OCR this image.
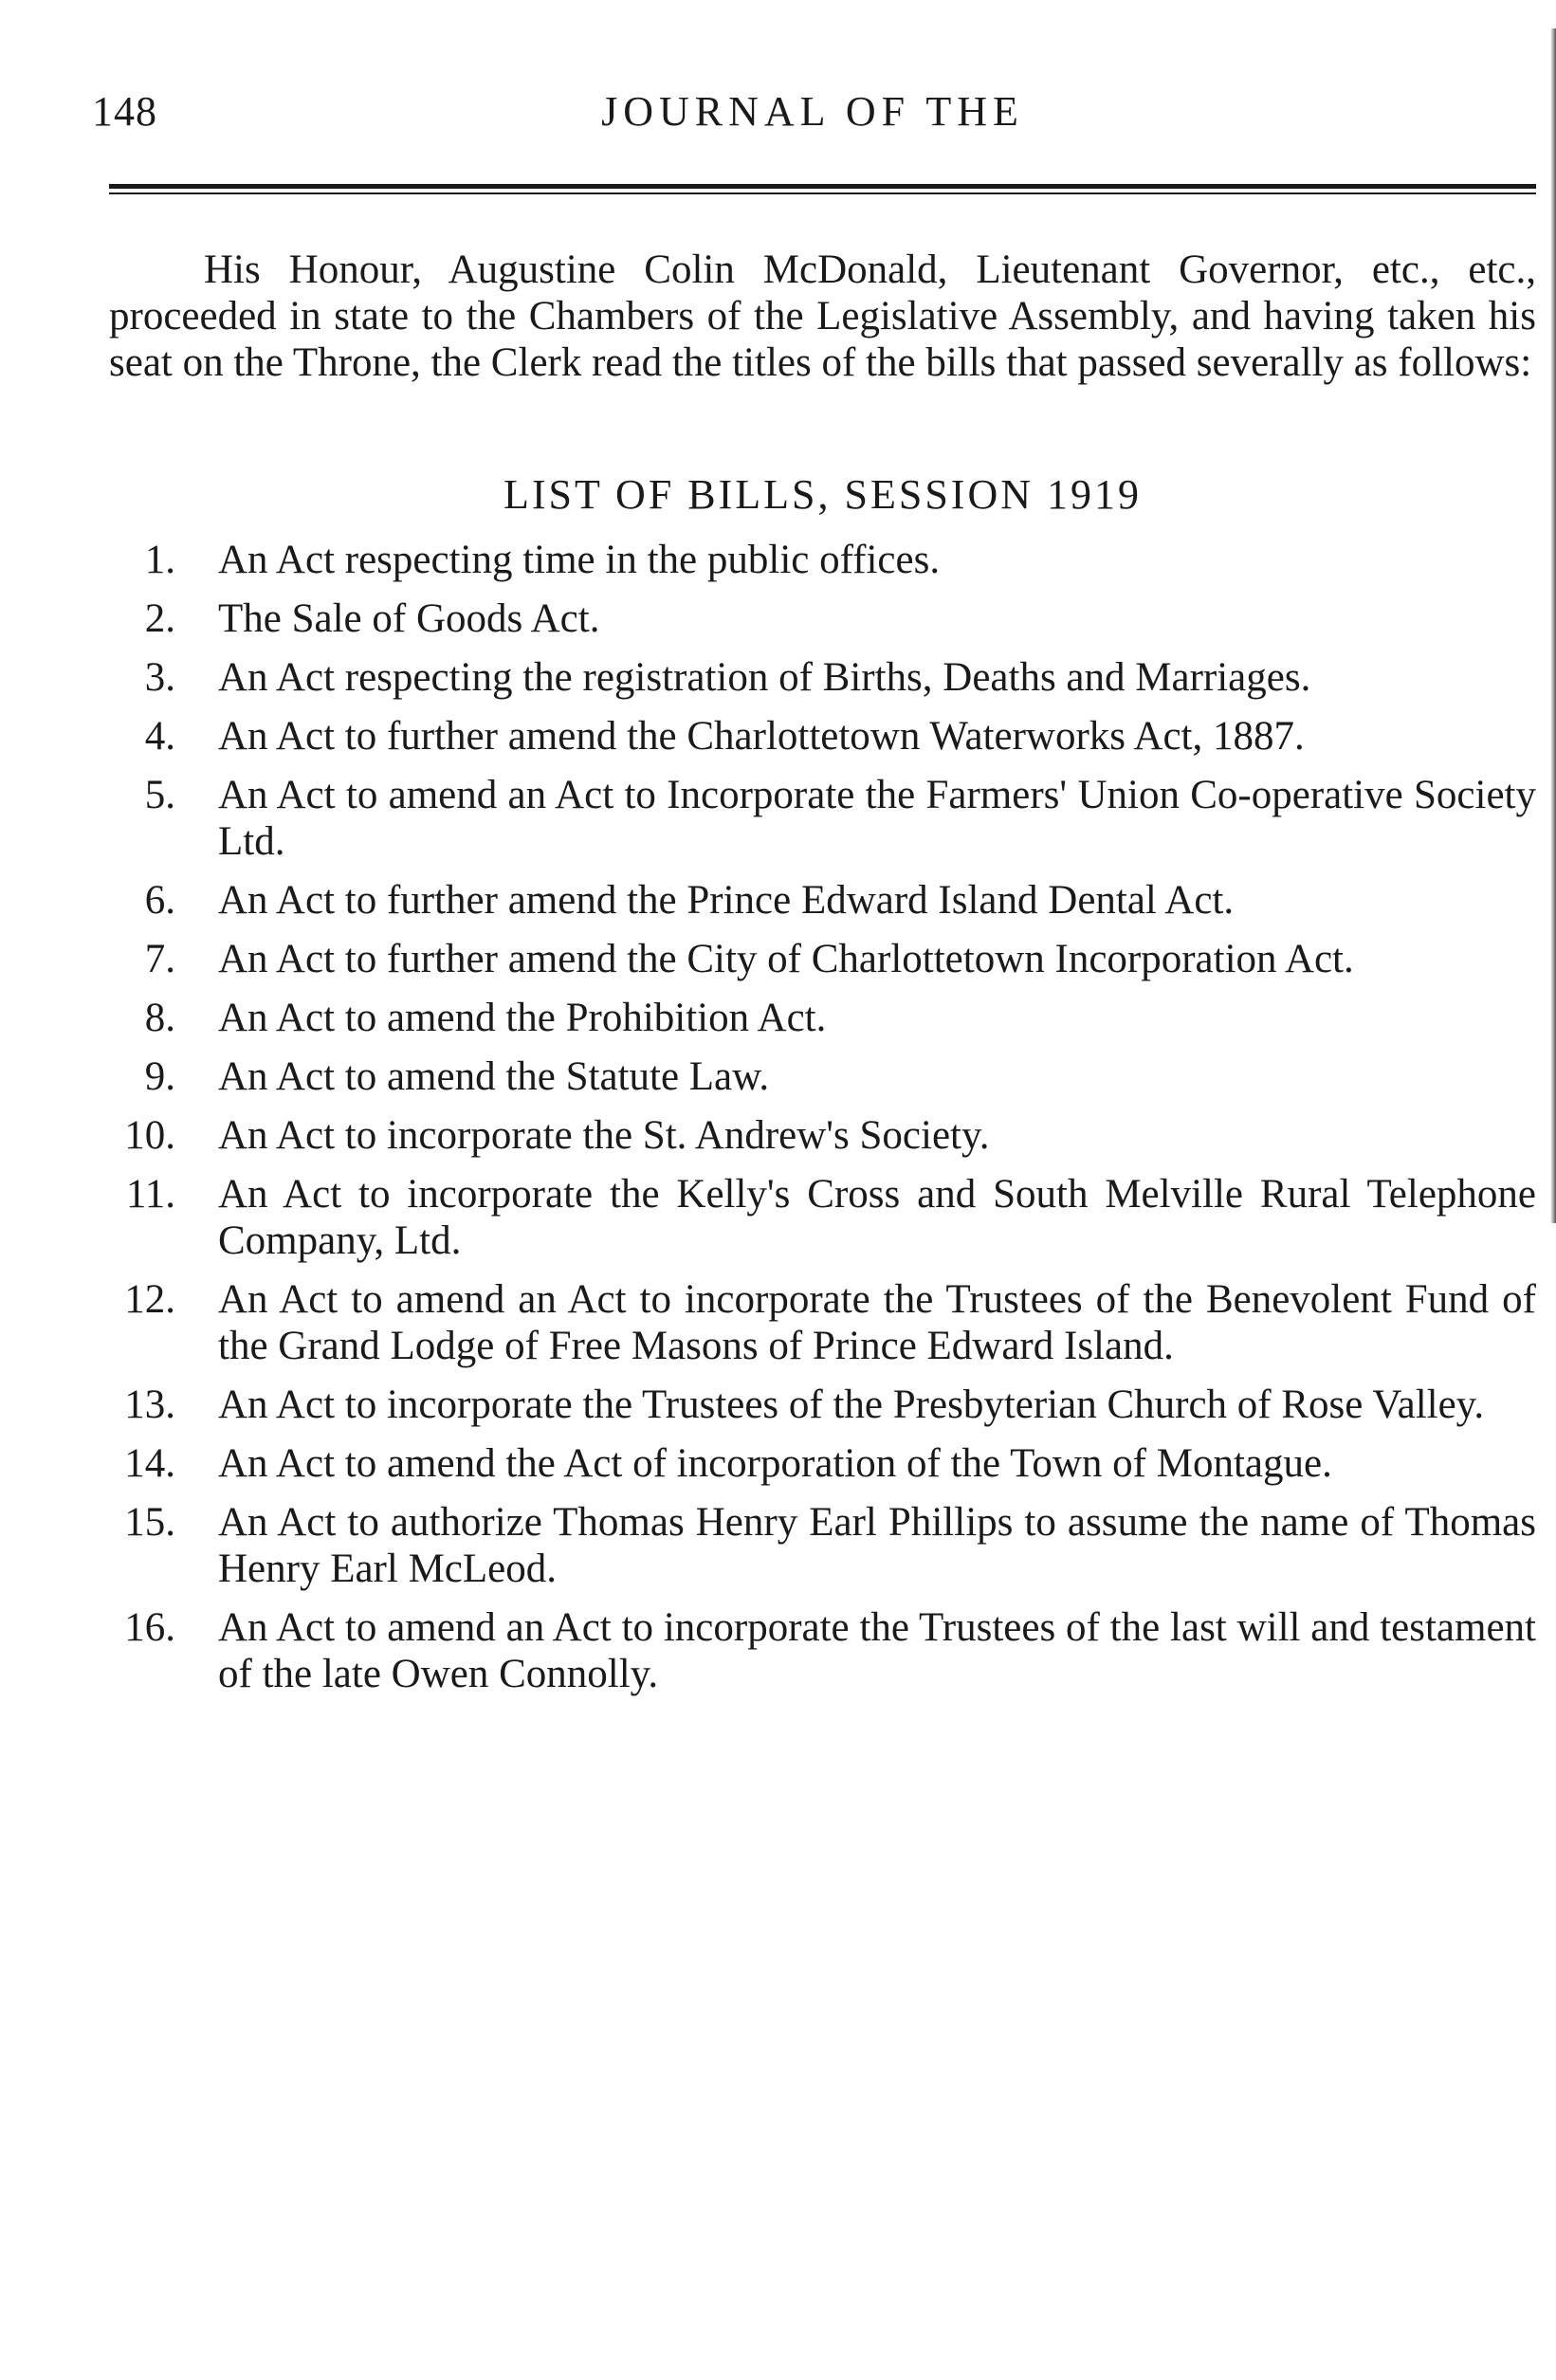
148	JOURNAL OF THE

His Honour, Augustine Colin McDonald, Lieutenant Governor, etc., etc., proceeded in state to the Chambers of the Legislative Assembly, and having taken his seat on the Throne, the Clerk read the titles of the bills that passed severally as follows:

LIST OF BILLS, SESSION 1919
1. An Act respecting time in the public offices.
2. The Sale of Goods Act.
3. An Act respecting the registration of Births, Deaths and Marriages.
4. An Act to further amend the Charlottetown Waterworks Act, 1887.
5. An Act to amend an Act to Incorporate the Farmers' Union Co-operative Society Ltd.
6. An Act to further amend the Prince Edward Island Dental Act.
7. An Act to further amend the City of Charlottetown Incorporation Act.
8. An Act to amend the Prohibition Act.
9. An Act to amend the Statute Law.
10. An Act to incorporate the St. Andrew's Society.
11. An Act to incorporate the Kelly's Cross and South Melville Rural Telephone Company, Ltd.
12. An Act to amend an Act to incorporate the Trustees of the Benevolent Fund of the Grand Lodge of Free Masons of Prince Edward Island.
13. An Act to incorporate the Trustees of the Presbyterian Church of Rose Valley.
14. An Act to amend the Act of incorporation of the Town of Montague.
15. An Act to authorize Thomas Henry Earl Phillips to assume the name of Thomas Henry Earl McLeod.
16. An Act to amend an Act to incorporate the Trustees of the last will and testament of the late Owen Connolly.
